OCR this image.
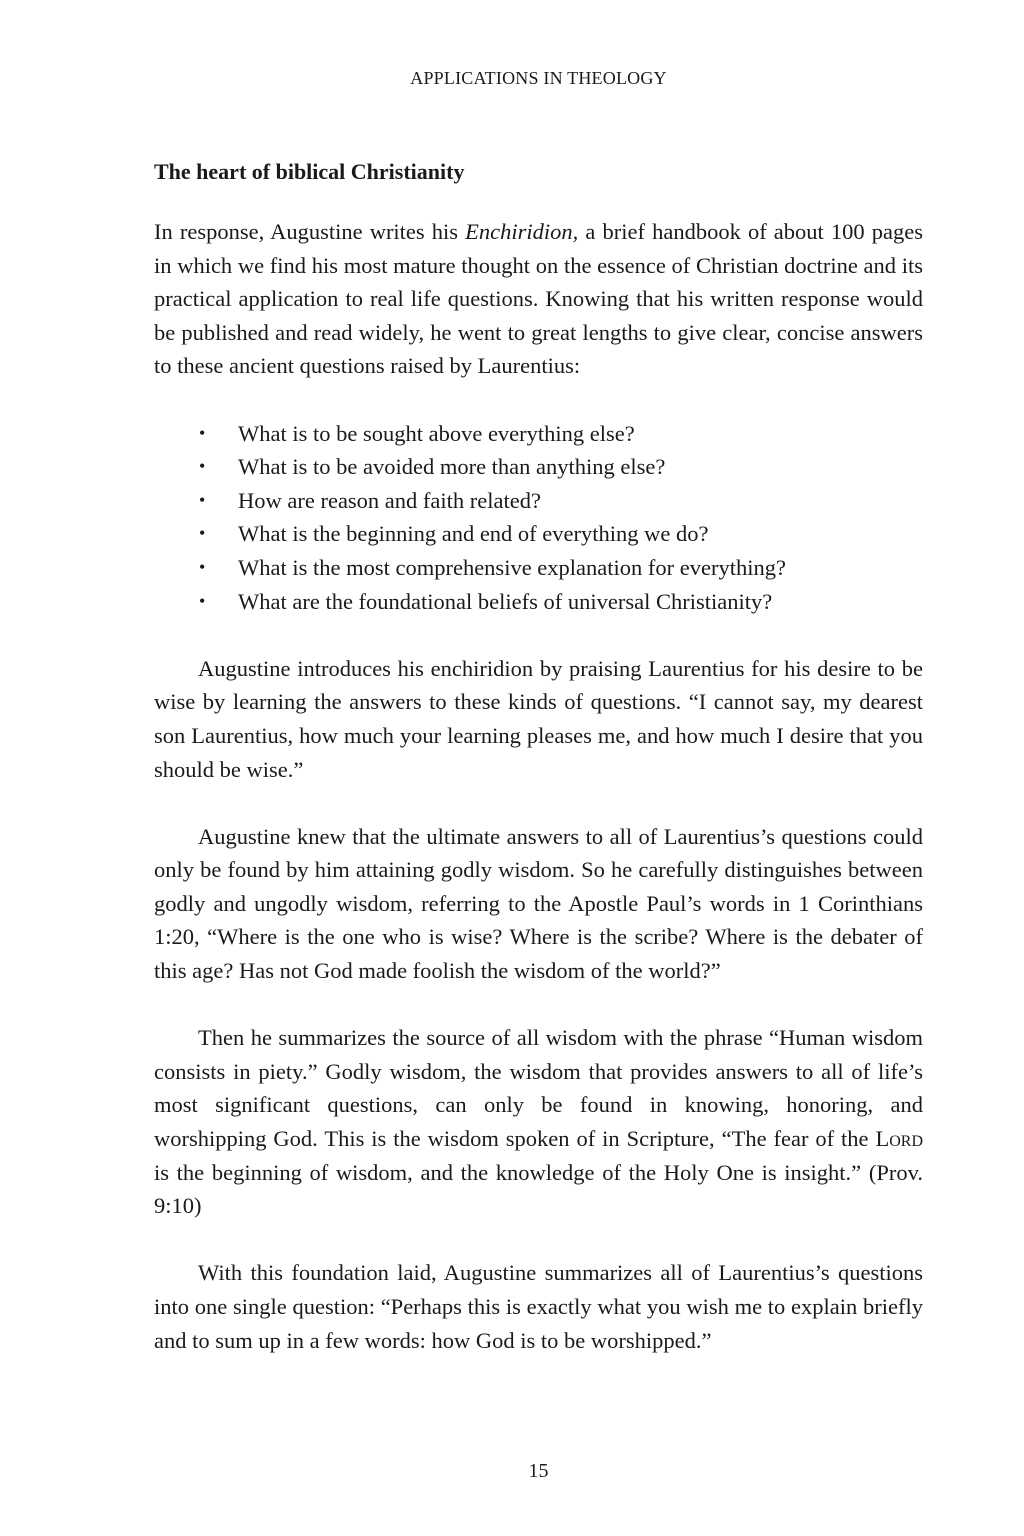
APPLICATIONS IN THEOLOGY
The heart of biblical Christianity

In response, Augustine writes his Enchiridion, a brief handbook of about 100 pages in which we find his most mature thought on the essence of Christian doctrine and its practical application to real life questions. Knowing that his written response would be published and read widely, he went to great lengths to give clear, concise answers to these ancient questions raised by Laurentius:

• What is to be sought above everything else?
• What is to be avoided more than anything else?
• How are reason and faith related?
• What is the beginning and end of everything we do?
• What is the most comprehensive explanation for everything?
• What are the foundational beliefs of universal Christianity?

Augustine introduces his enchiridion by praising Laurentius for his desire to be wise by learning the answers to these kinds of questions. “I cannot say, my dearest son Laurentius, how much your learning pleases me, and how much I desire that you should be wise.”

Augustine knew that the ultimate answers to all of Laurentius’s questions could only be found by him attaining godly wisdom. So he carefully distinguishes between godly and ungodly wisdom, referring to the Apostle Paul’s words in 1 Corinthians 1:20, “Where is the one who is wise? Where is the scribe? Where is the debater of this age? Has not God made foolish the wisdom of the world?”

Then he summarizes the source of all wisdom with the phrase “Human wisdom consists in piety.” Godly wisdom, the wisdom that provides answers to all of life’s most significant questions, can only be found in knowing, honoring, and worshipping God. This is the wisdom spoken of in Scripture, “The fear of the Lord is the beginning of wisdom, and the knowledge of the Holy One is insight.” (Prov. 9:10)

With this foundation laid, Augustine summarizes all of Laurentius’s questions into one single question: “Perhaps this is exactly what you wish me to explain briefly and to sum up in a few words: how God is to be worshipped.”

15
